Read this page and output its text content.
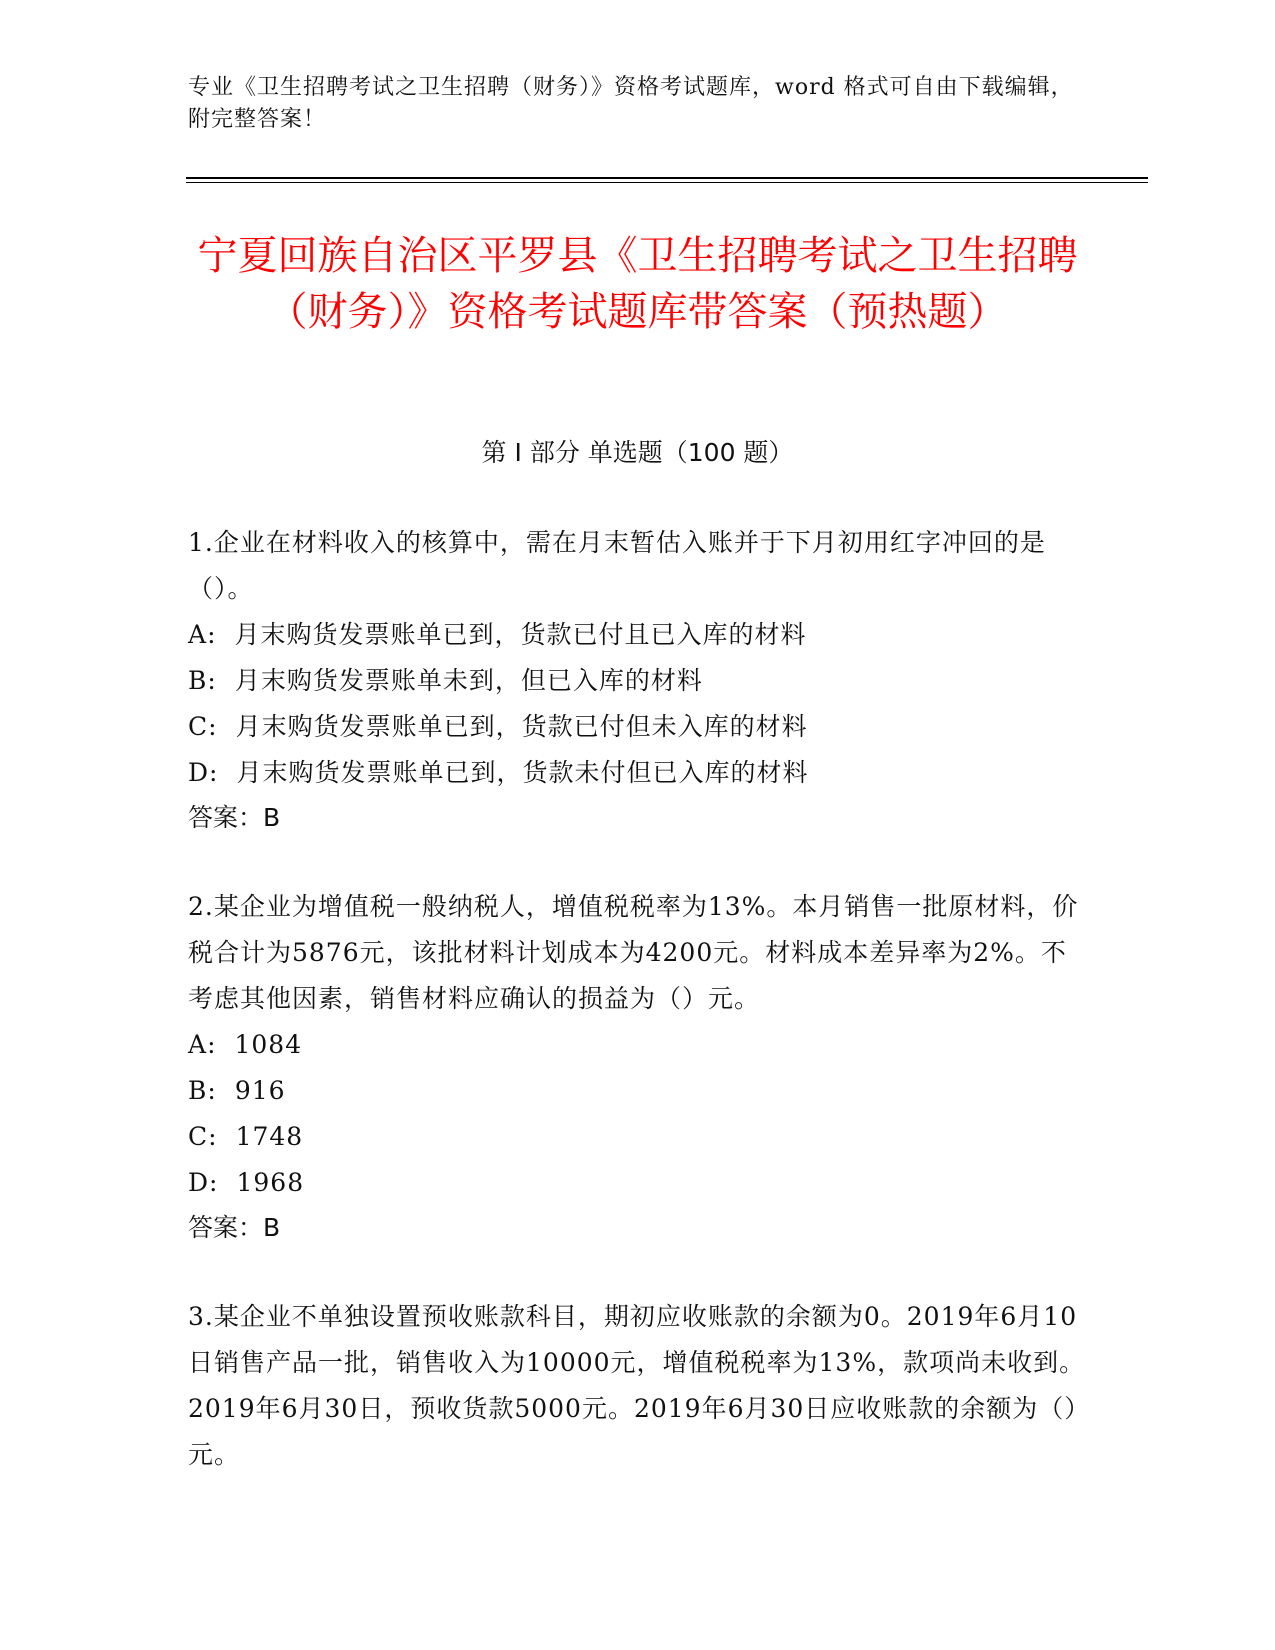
专业《卫生招聘考试之卫生招聘（财务）》资格考试题库，word 格式可自由下载编辑，附完整答案！
宁夏回族自治区平罗县《卫生招聘考试之卫生招聘（财务）》资格考试题库带答案（预热题）
第 I 部分 单选题（100 题）

1.企业在材料收入的核算中，需在月末暂估入账并于下月初用红字冲回的是（）。

A : 月末购货发票账单已到，货款已付且已入库的材料

B : 月末购货发票账单未到，但已入库的材料

C : 月末购货发票账单已到，货款已付但未入库的材料

D : 月末购货发票账单已到，货款未付但已入库的材料

答案：B

2.某企业为增值税一般纳税人，增值税税率为13%。本月销售一批原材料，价税合计为5876元，该批材料计划成本为4200元。材料成本差异率为2%。不考虑其他因素，销售材料应确认的损益为（）元。

A : 1084

B : 916

C : 1748

D : 1968

答案：B

3.某企业不单独设置预收账款科目，期初应收账款的余额为0。2019年6月10日销售产品一批，销售收入为10000元，增值税税率为13%，款项尚未收到。2019年6月30日，预收货款5000元。2019年6月30日应收账款的余额为（）元。
